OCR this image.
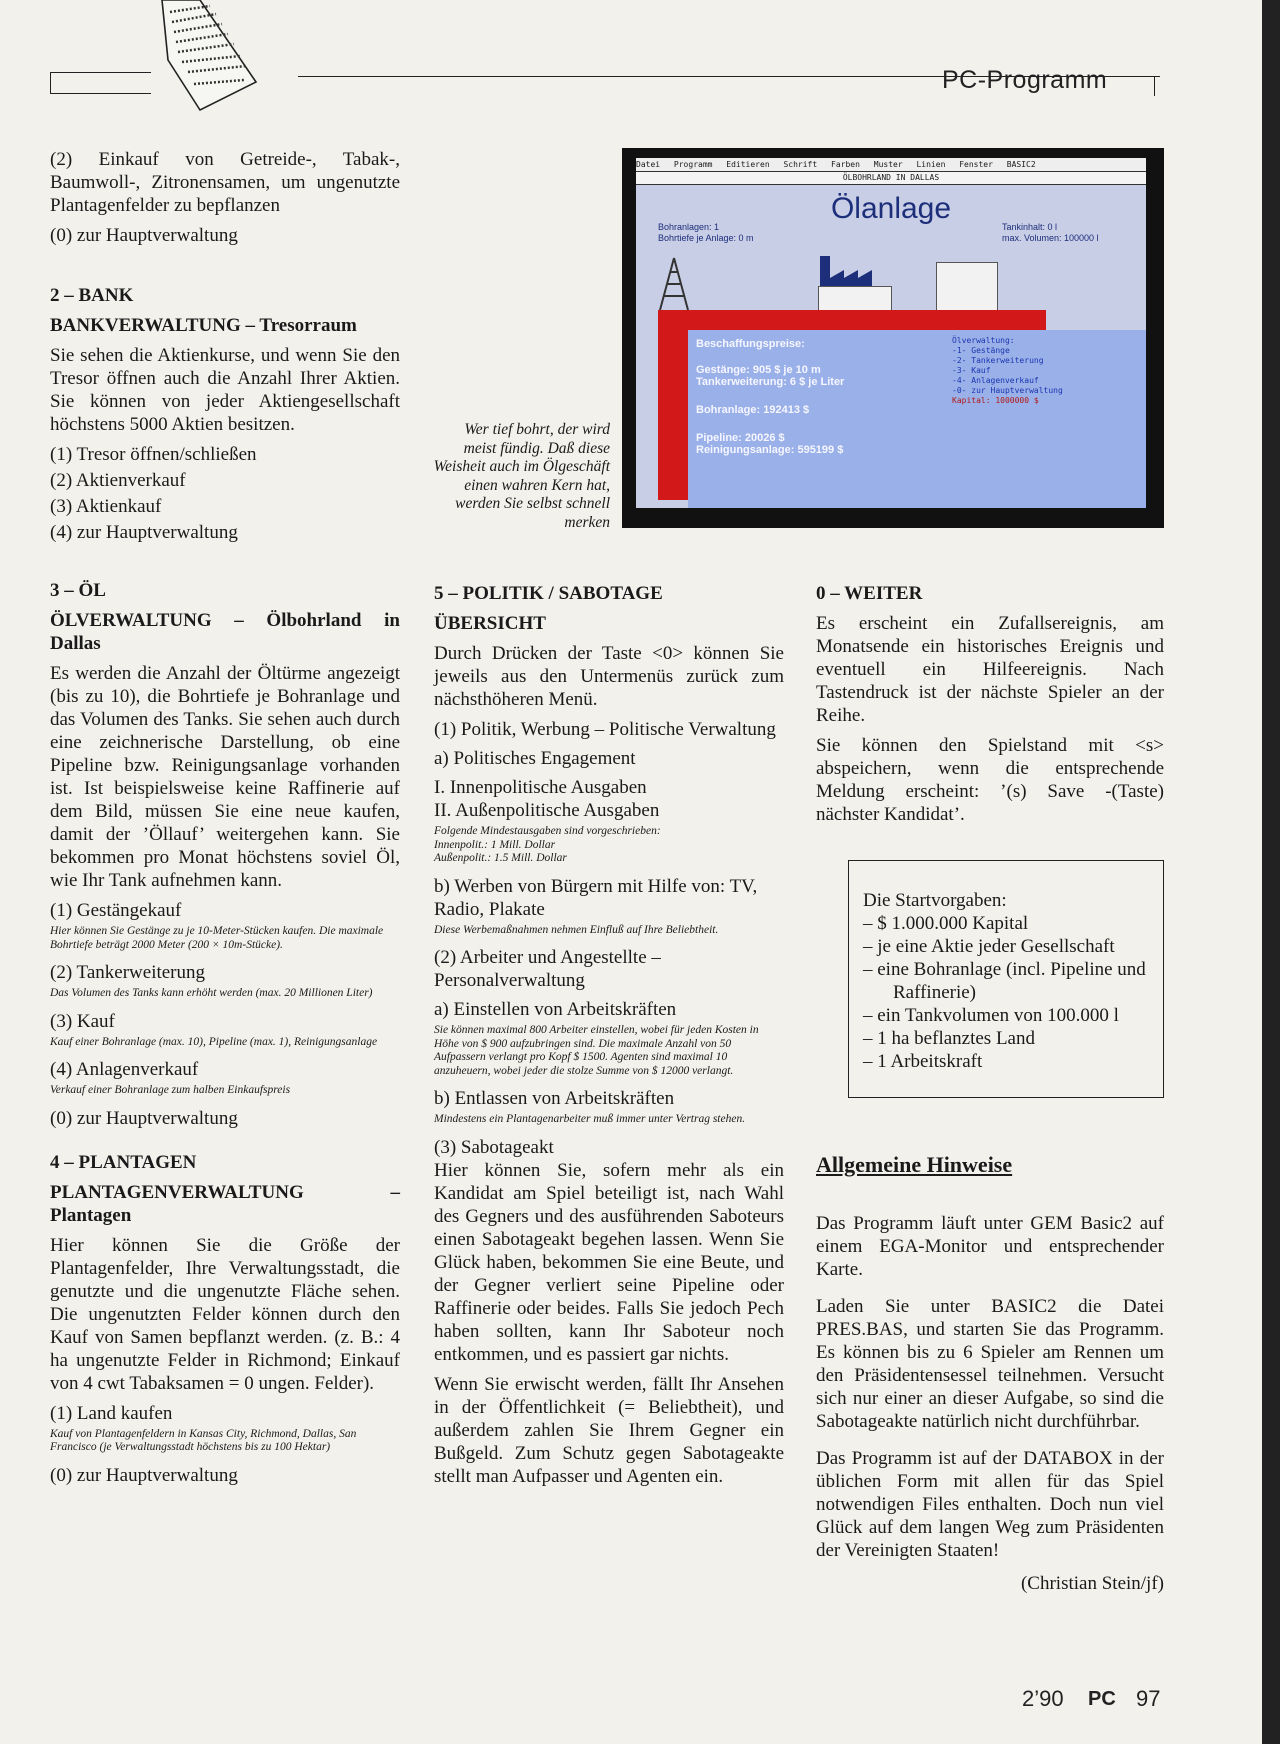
PC-Programm
Datei Programm Editieren Schrift Farben Muster Linien Fenster BASIC2
ÖLBOHRLAND IN DALLAS
Ölanlage
Bohranlagen: 1
Bohrtiefe je Anlage: 0 m
Tankinhalt: 0 l
max. Volumen: 100000 l
Beschaffungspreise:
Gestänge: 905 $ je 10 m
Tankerweiterung: 6 $ je Liter
Bohranlage: 192413 $
Pipeline: 20026 $
Reinigungsanlage: 595199 $
Ölverwaltung:
-1- Gestänge
-2- Tankerweiterung
-3- Kauf
-4- Anlagenverkauf
-0- zur Hauptverwaltung
Kapital: 1000000 $
Wer tief bohrt, der wird meist fündig. Daß diese Weisheit auch im Ölgeschäft einen wahren Kern hat, werden Sie selbst schnell merken

(2) Einkauf von Getreide-, Tabak-, Baumwoll-, Zitronensamen, um ungenutzte Plantagenfelder zu bepflanzen

(0) zur Hauptverwaltung

2 – BANK

BANKVERWALTUNG – Tresorraum

Sie sehen die Aktienkurse, und wenn Sie den Tresor öffnen auch die Anzahl Ihrer Aktien. Sie können von jeder Aktiengesellschaft höchstens 5000 Aktien besitzen.

(1) Tresor öffnen/schließen

(2) Aktienverkauf

(3) Aktienkauf

(4) zur Hauptverwaltung

3 – ÖL

ÖLVERWALTUNG – Ölbohrland in Dallas

Es werden die Anzahl der Öltürme angezeigt (bis zu 10), die Bohrtiefe je Bohranlage und das Volumen des Tanks. Sie sehen auch durch eine zeichnerische Darstellung, ob eine Pipeline bzw. Reinigungsanlage vorhanden ist. Ist beispielsweise keine Raffinerie auf dem Bild, müssen Sie eine neue kaufen, damit der ’Öllauf’ weitergehen kann. Sie bekommen pro Monat höchstens soviel Öl, wie Ihr Tank aufnehmen kann.

(1) Gestängekauf

Hier können Sie Gestänge zu je 10-Meter-Stücken kaufen. Die maximale Bohrtiefe beträgt 2000 Meter (200 × 10m-Stücke).

(2) Tankerweiterung

Das Volumen des Tanks kann erhöht werden (max. 20 Millionen Liter)

(3) Kauf

Kauf einer Bohranlage (max. 10), Pipeline (max. 1), Reinigungsanlage

(4) Anlagenverkauf

Verkauf einer Bohranlage zum halben Einkaufspreis

(0) zur Hauptverwaltung

4 – PLANTAGEN

PLANTAGENVERWALTUNG – Plantagen

Hier können Sie die Größe der Plantagenfelder, Ihre Verwaltungsstadt, die genutzte und die ungenutzte Fläche sehen. Die ungenutzten Felder können durch den Kauf von Samen bepflanzt werden. (z. B.: 4 ha ungenutzte Felder in Richmond; Einkauf von 4 cwt Tabaksamen = 0 ungen. Felder).

(1) Land kaufen

Kauf von Plantagenfeldern in Kansas City, Richmond, Dallas, San Francisco (je Verwaltungsstadt höchstens bis zu 100 Hektar)

(0) zur Hauptverwaltung

5 – POLITIK / SABOTAGE

ÜBERSICHT

Durch Drücken der Taste <0> können Sie jeweils aus den Untermenüs zurück zum nächsthöheren Menü.

(1) Politik, Werbung – Politische Verwaltung

a) Politisches Engagement

I. Innenpolitische Ausgaben

II. Außenpolitische Ausgaben

Folgende Mindestausgaben sind vorgeschrieben:
Innenpolit.: 1 Mill. Dollar
Außenpolit.: 1.5 Mill. Dollar

b) Werben von Bürgern mit Hilfe von: TV, Radio, Plakate

Diese Werbemaßnahmen nehmen Einfluß auf Ihre Beliebtheit.

(2) Arbeiter und Angestellte – Personalverwaltung

a) Einstellen von Arbeitskräften

Sie können maximal 800 Arbeiter einstellen, wobei für jeden Kosten in Höhe von $ 900 aufzubringen sind. Die maximale Anzahl von 50 Aufpassern verlangt pro Kopf $ 1500. Agenten sind maximal 10 anzuheuern, wobei jeder die stolze Summe von $ 12000 verlangt.

b) Entlassen von Arbeitskräften

Mindestens ein Plantagenarbeiter muß immer unter Vertrag stehen.

(3) Sabotageakt

Hier können Sie, sofern mehr als ein Kandidat am Spiel beteiligt ist, nach Wahl des Gegners und des ausführenden Saboteurs einen Sabotageakt begehen lassen. Wenn Sie Glück haben, bekommen Sie eine Beute, und der Gegner verliert seine Pipeline oder Raffinerie oder beides. Falls Sie jedoch Pech haben sollten, kann Ihr Saboteur noch entkommen, und es passiert gar nichts.

Wenn Sie erwischt werden, fällt Ihr Ansehen in der Öffentlichkeit (= Beliebtheit), und außerdem zahlen Sie Ihrem Gegner ein Bußgeld. Zum Schutz gegen Sabotageakte stellt man Aufpasser und Agenten ein.

0 – WEITER

Es erscheint ein Zufallsereignis, am Monatsende ein historisches Ereignis und eventuell ein Hilfeereignis. Nach Tastendruck ist der nächste Spieler an der Reihe.

Sie können den Spielstand mit <s> abspeichern, wenn die entsprechende Meldung erscheint: ’(s) Save -(Taste) nächster Kandidat’.

Die Startvorgaben:

– $ 1.000.000 Kapital

– je eine Aktie jeder Gesellschaft

– eine Bohranlage (incl. Pipeline und Raffinerie)

– ein Tankvolumen von 100.000 l

– 1 ha beflanztes Land

– 1 Arbeitskraft

Allgemeine Hinweise

Das Programm läuft unter GEM Basic2 auf einem EGA-Monitor und entsprechender Karte.

Laden Sie unter BASIC2 die Datei PRES.BAS, und starten Sie das Programm. Es können bis zu 6 Spieler am Rennen um den Präsidentensessel teilnehmen. Versucht sich nur einer an dieser Aufgabe, so sind die Sabotageakte natürlich nicht durchführbar.

Das Programm ist auf der DATABOX in der üblichen Form mit allen für das Spiel notwendigen Files enthalten. Doch nun viel Glück auf dem langen Weg zum Präsidenten der Vereinigten Staaten!

(Christian Stein/jf)

2’90 PC 97
